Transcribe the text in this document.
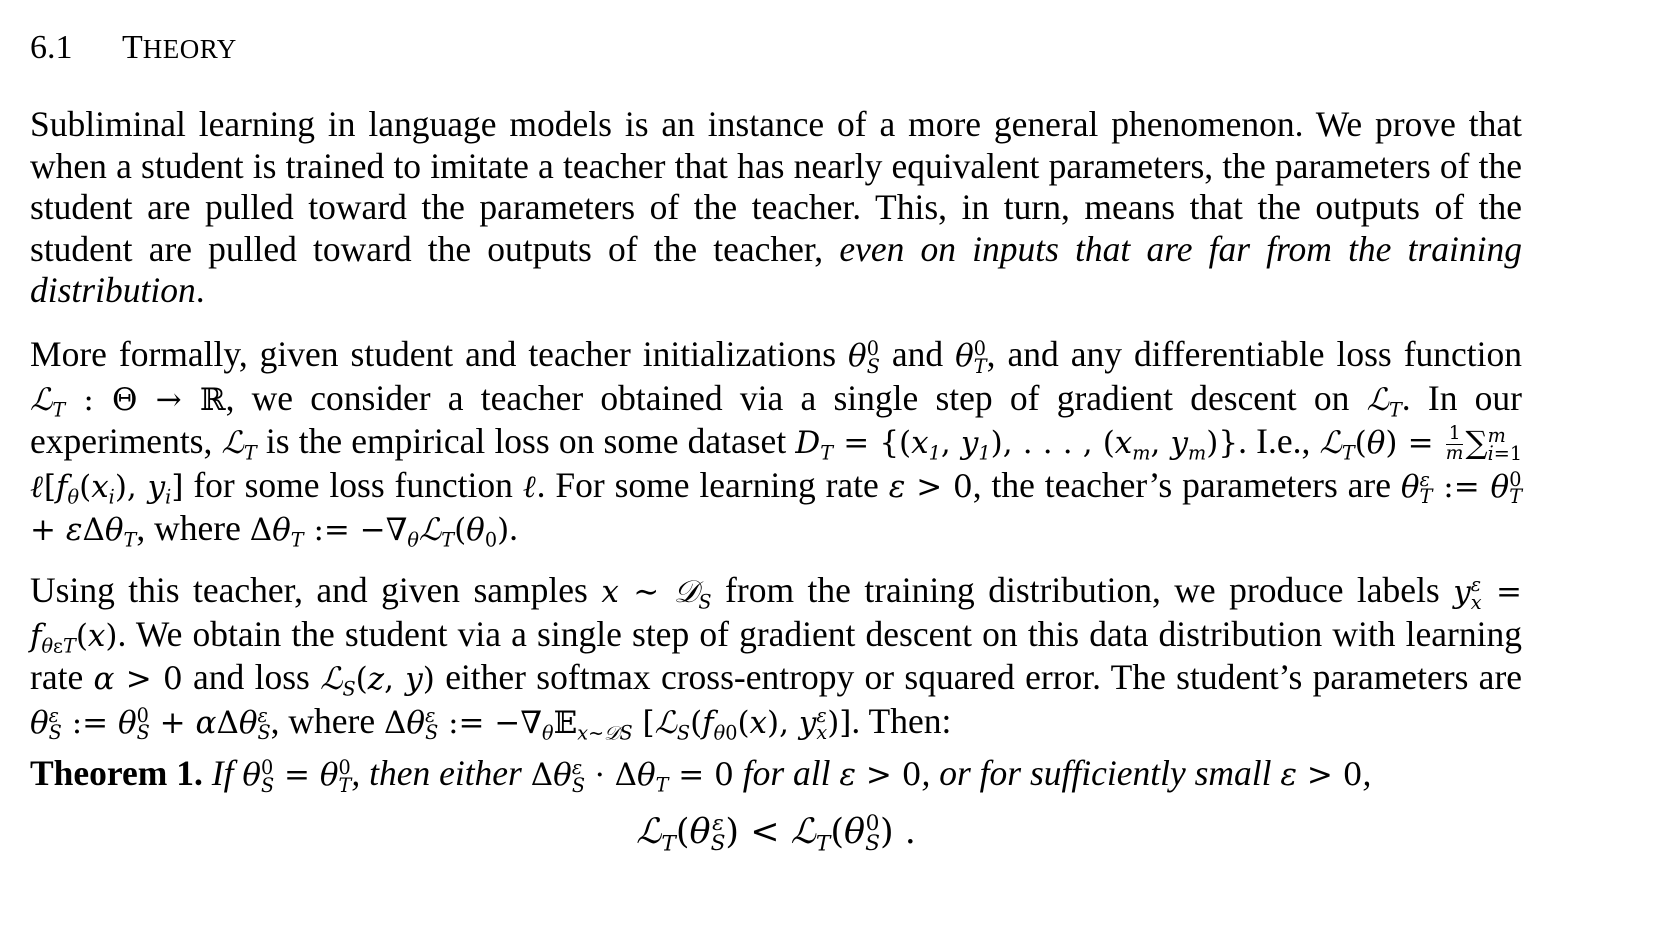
6.1 THEORY

Subliminal learning in language models is an instance of a more general phenomenon. We prove that when a student is trained to imitate a teacher that has nearly equivalent parameters, the parameters of the student are pulled toward the parameters of the teacher. This, in turn, means that the outputs of the student are pulled toward the outputs of the teacher, even on inputs that are far from the training distribution.

More formally, given student and teacher initializations θ 0
S and θ 0
T , and any differentiable loss function ℒ$_T$ : Θ → ℝ, we consider a teacher obtained via a single step of gradient descent on ℒ$_T$. In our experiments, ℒ$_T$ is the empirical loss on some dataset $D_T = \{(x_1$, $y_1$), . . . , ($x_m$, $y_m$)}. I.e., ℒ$_T$(θ) = $\frac{1}{m}$ ∑ m
i=1
$\ell[f_\theta(x_i)$, $y_i$] for some loss function ℓ. For some learning rate ε > 0, the teacher’s parameters are θ ε
T := θ 0
T
+ εΔθ$_T$, where $\Delta\theta_T$ := $-\nabla_\theta ℒ_T(\theta_0)$.

Using this teacher, and given samples x ∼ 𝒟$_S$ from the training distribution, we produce labels y ε
$x = f_{\theta\varepsilon T}(x)$. We obtain the student via a single step of gradient descent on this data distribution with learning rate α > 0 and loss ℒ$_S$(z, y) either softmax cross-entropy or squared error. The student’s parameters are θ ε
S := θ 0
S + αΔθ ε
S , where Δθ ε
S := $-\nabla_\theta 𝔼_{x\sim 𝒟S}$ [$ℒ_S(f_{\theta 0}(x)$, y ε
x )]. Then:

Theorem 1. If θ 0
S = θ 0
T , then either Δθ ε
$S \cdot \Delta\theta_T = 0$ for all ε > 0, or for sufficiently small ε > 0,

ℒ$_T$(θ ε
S ) < ℒ$_T$(θ 0
S ) .
